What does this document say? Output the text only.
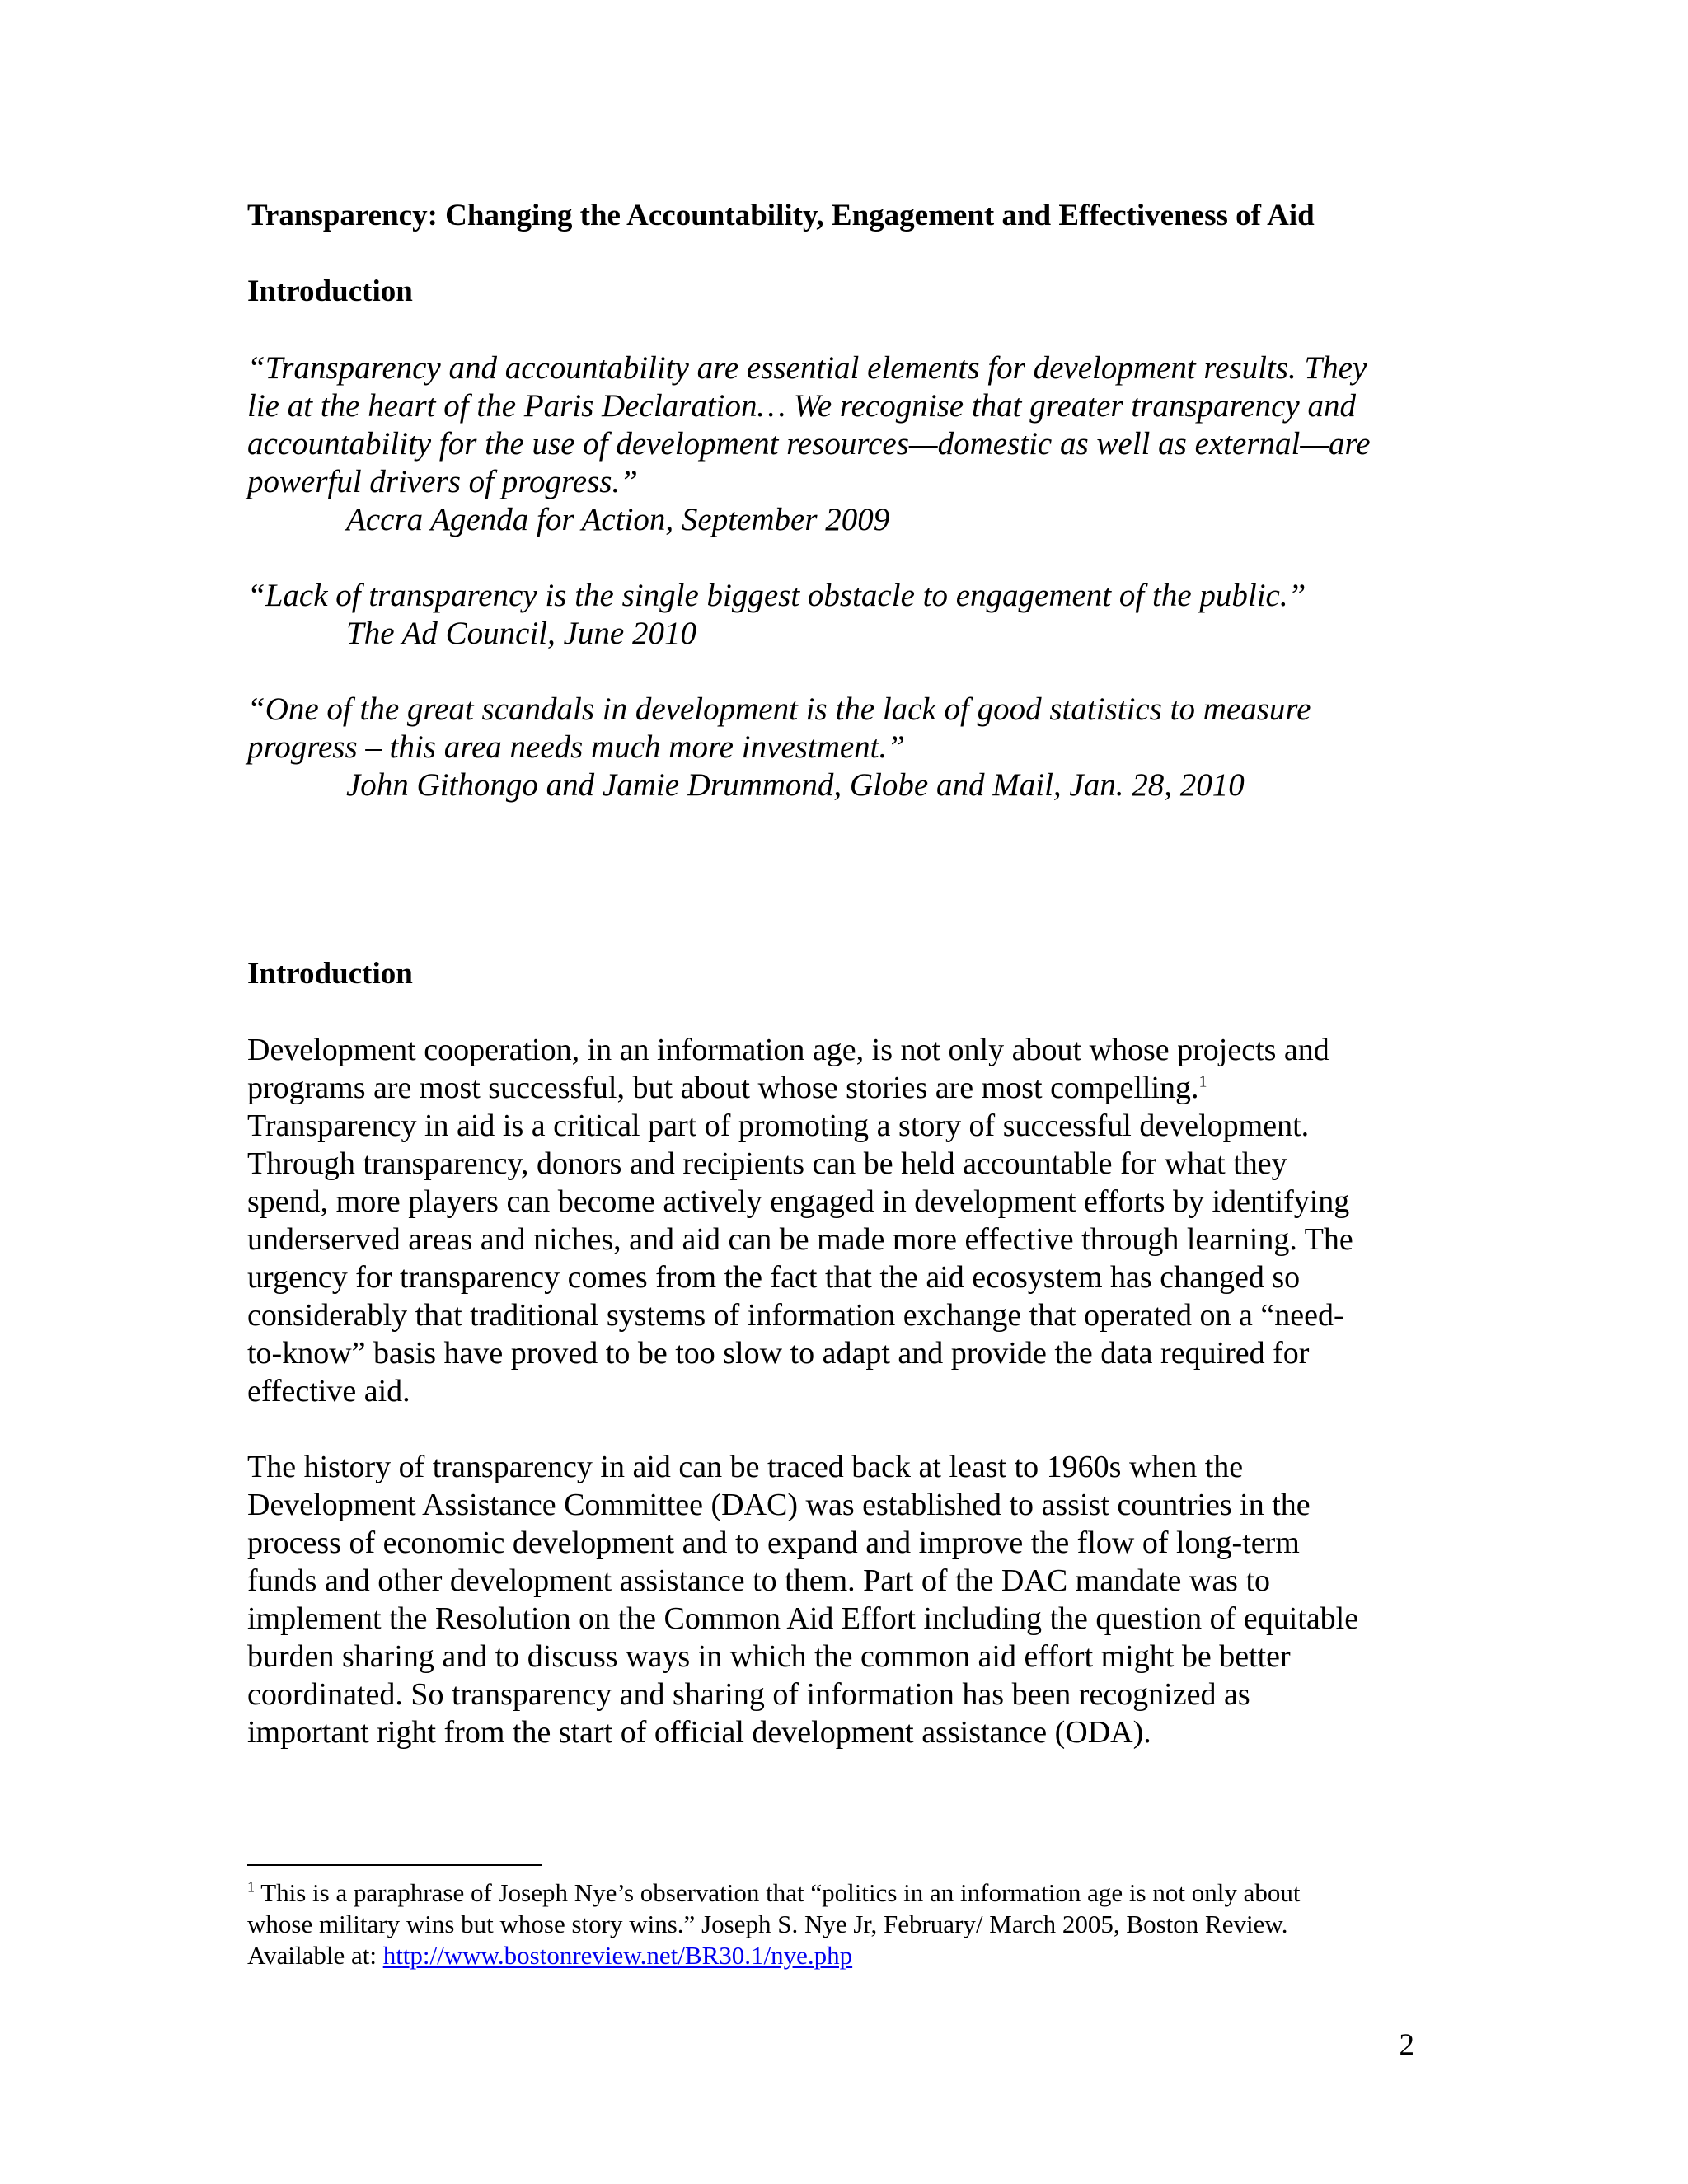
Transparency: Changing the Accountability, Engagement and Effectiveness of Aid
Introduction
“Transparency and accountability are essential elements for development results. They
lie at the heart of the Paris Declaration… We recognise that greater transparency and
accountability for the use of development resources—domestic as well as external—are
powerful drivers of progress.”
Accra Agenda for Action, September 2009
“Lack of transparency is the single biggest obstacle to engagement of the public.”
The Ad Council, June 2010
“One of the great scandals in development is the lack of good statistics to measure
progress – this area needs much more investment.”
John Githongo and Jamie Drummond, Globe and Mail, Jan. 28, 2010
Introduction
Development cooperation, in an information age, is not only about whose projects and
programs are most successful, but about whose stories are most compelling.$^1$
Transparency in aid is a critical part of promoting a story of successful development.
Through transparency, donors and recipients can be held accountable for what they
spend, more players can become actively engaged in development efforts by identifying
underserved areas and niches, and aid can be made more effective through learning. The
urgency for transparency comes from the fact that the aid ecosystem has changed so
considerably that traditional systems of information exchange that operated on a “need-
to-know” basis have proved to be too slow to adapt and provide the data required for
effective aid.
The history of transparency in aid can be traced back at least to 1960s when the
Development Assistance Committee (DAC) was established to assist countries in the
process of economic development and to expand and improve the flow of long-term
funds and other development assistance to them. Part of the DAC mandate was to
implement the Resolution on the Common Aid Effort including the question of equitable
burden sharing and to discuss ways in which the common aid effort might be better
coordinated. So transparency and sharing of information has been recognized as
important right from the start of official development assistance (ODA).
$^1$ This is a paraphrase of Joseph Nye’s observation that “politics in an information age is not only about
whose military wins but whose story wins.” Joseph S. Nye Jr, February/ March 2005, Boston Review.
Available at: http://www.bostonreview.net/BR30.1/nye.php
2
